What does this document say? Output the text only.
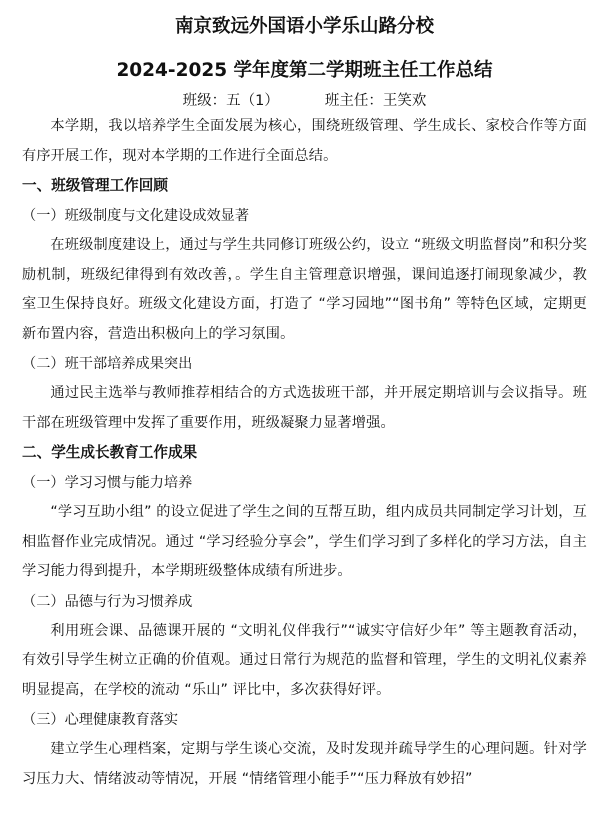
南京致远外国语小学乐山路分校
2024-2025 学年度第二学期班主任工作总结
班级：五（1）	班主任：王笑欢

本学期，我以培养学生全面发展为核心，围绕班级管理、学生成长、家校合作等方面有序开展工作，现对本学期的工作进行全面总结。

一、班级管理工作回顾
（一）班级制度与文化建设成效显著

在班级制度建设上，通过与学生共同修订班级公约，设立 “班级文明监督岗”和积分奖励机制，班级纪律得到有效改善，。学生自主管理意识增强，课间追逐打闹现象减少，教室卫生保持良好。班级文化建设方面，打造了 “学习园地”“图书角” 等特色区域，定期更新布置内容，营造出积极向上的学习氛围。

（二）班干部培养成果突出

通过民主选举与教师推荐相结合的方式选拔班干部，并开展定期培训与会议指导。班干部在班级管理中发挥了重要作用，班级凝聚力显著增强。

二、学生成长教育工作成果
（一）学习习惯与能力培养

“学习互助小组” 的设立促进了学生之间的互帮互助，组内成员共同制定学习计划，互相监督作业完成情况。通过 “学习经验分享会”，学生们学习到了多样化的学习方法，自主学习能力得到提升，本学期班级整体成绩有所进步。

（二）品德与行为习惯养成

利用班会课、品德课开展的 “文明礼仪伴我行”“诚实守信好少年” 等主题教育活动，有效引导学生树立正确的价值观。通过日常行为规范的监督和管理，学生的文明礼仪素养明显提高，在学校的流动 “乐山” 评比中，多次获得好评。

（三）心理健康教育落实

建立学生心理档案，定期与学生谈心交流，及时发现并疏导学生的心理问题。针对学习压力大、情绪波动等情况，开展 “情绪管理小能手”“压力释放有妙招”
